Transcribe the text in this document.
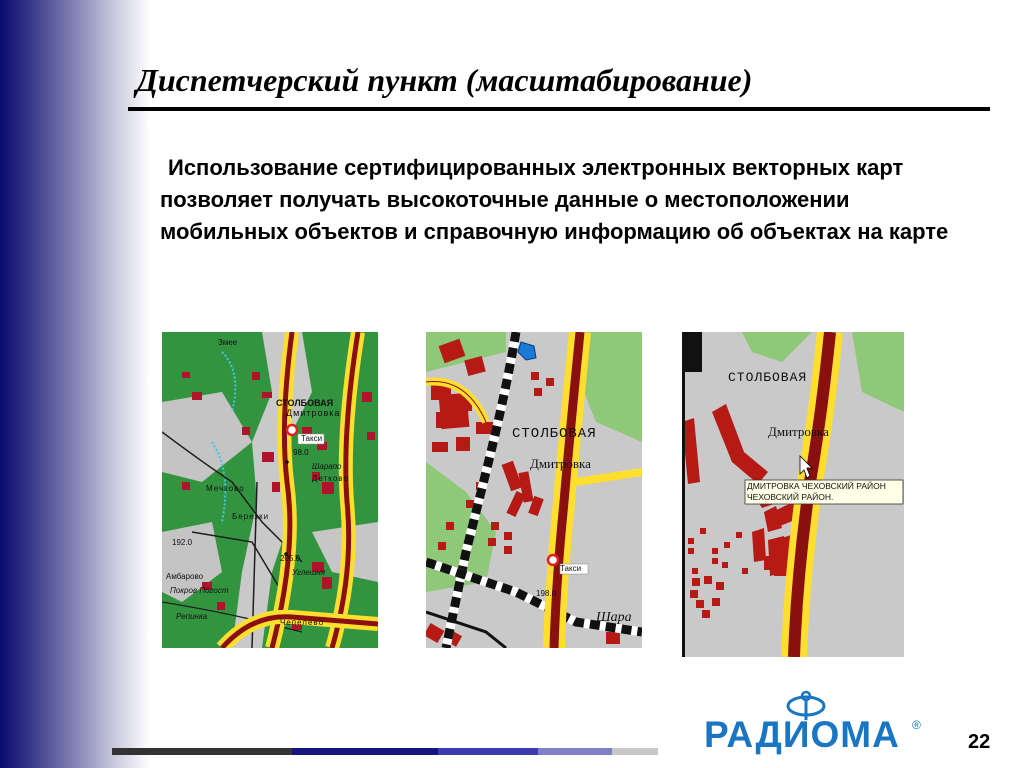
Диспетчерский пункт (масштабирование)

Использование сертифицированных электронных векторных карт позволяет получать высокоточные данные о местоположении мобильных объектов и справочную информацию об объектах на карте

Змее
СТОЛБОВАЯ
Дмитровка
Такси
98.0
Шарапо
Детково
Мечково
Березки
192.0
205.0
Углешня
Амбарово
Покров Погост
Репинка
Чепелево
СТОЛБОВАЯ
Дмитровка
Такси
198.0
Шара
СТОЛБОВАЯ
Дмитровка
ДМИТРОВКА ЧЕХОВСКИЙ РАЙОН
ЧЕХОВСКИЙ РАЙОН.
РАДИОМА ®
22
